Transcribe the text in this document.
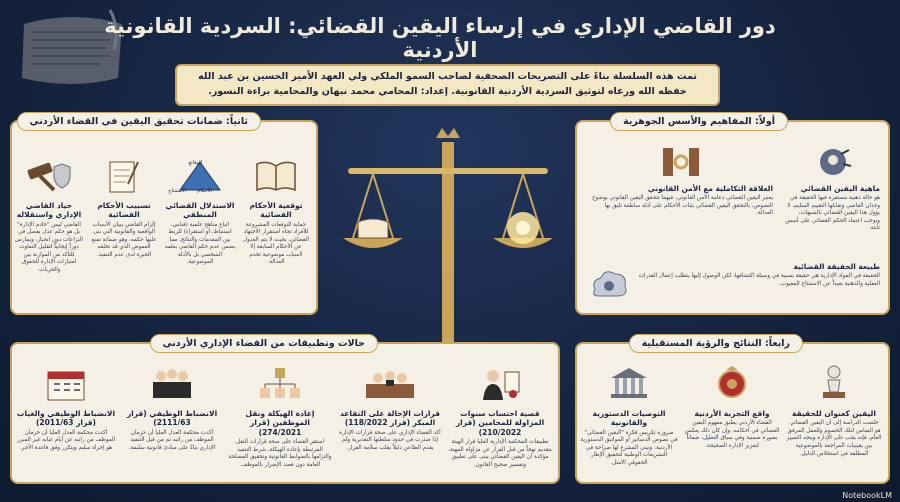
دور القاضي الإداري في إرساء اليقين القضائي: السردية القانونية الأردنية
تمت هذه السلسلة بناءً على التصريحات الصحفية لصاحب السمو الملكي ولي العهد الأمير الحسين بن عبد الله حفظه الله ورعاه لتوثيق السردية الأردنية القانونية. إعداد: المحامي محمد نبهان والمحامية براءة النسور.
أولاً: المفاهيم والأسس الجوهرية
ماهية اليقين القضائي
هو حالة ذهنية مستقرة فيها الحقيقة في وجدان القاضي وتقابلها التقييم السليم، لا يؤول هذا اليقين القضائي بالشبهات، ويوجب اعتماد الحكم القضائي على أسس ثابتة.
العلاقة التكاملية مع الأمن القانوني
يعتبر اليقين القضائي دعامة الأمن القانوني، فيهما تتحقق اليقين القانوني بوضوح النصوص، بالتحقق اليقين القضائي بثبات الأحكام على أدلة ساطعة تليق بها العدالة.
طبيعة الحقيقة القضائية
الحقيقة في المواد الإدارية هي حقيقة نسبية في وسيلة اكتشافها، لكن الوصول إليها يتطلب إعمال القدرات العقلية والذهنية بعيداً عن الاستنتاج المعيوب.
ثانياً: ضمانات تحقيق اليقين في القضاء الأردني
توقعية الأحكام القضائية
حماية التوقعات المشروعة للأفراد تجاه استقرار الاجتهاد القضائي، بحيث لا يتم العدول عن الأحكام السابقة إلا لأسباب موضوعية تخدم العدالة.
الوقائع
الأحكام
الاستنتاج
الاستدلال القضائي المنطقي
اتباع مناهج علمية (قياس، استنباط، أو استقراء) للربط بين المقدمات والنتائج، مما يضمن عدم حكم القاضي بعلمه الشخصي بل بالأدلة الموضوعية.
تسبيب الأحكام القضائية
إلزام القاضي ببيان الأسباب الواقعية والقانونية التي بنى عليها حكمه، وهو ضمانة تمنع الغموض الذي قد تخلقه الحيرة لدى عدم التنفيذ.
حياد القاضي الإداري واستقلاله
القاضي ليس "خادم الإدارة" بل هو حكم عدل يفصل في النزاعات دون انحياز، ويمارس دوراً إيجابياً لتقليل التفاوت للتأكد من الموازنة بين امتيازات الإدارة للحقوق والحريات.
رابعاً: النتائج والرؤية المستقبلية
اليقين كعنوان للحقيقة
خلصت الدراسة إلى أن اليقين القضائي هو الضامن لتلك الخصوم وللعمل المرفق العام، فإنه يجب على الإدارة ويتجه التمييز بين يقينيات المراجعة بالموضوعية المطلقة في استخلاص الدليل.
واقع التجربة الأردنية
القضاء الأردني يطبق مفهوم اليقين القضائي في أحكامه، وإن كان ذلك يعكس بصورة ضمنية وفي سياق التعليل، ضماناً لتعزيز الإدارة الصحيحة.
التوصيات الدستورية والقانونية
ضرورة تكريس فكرة "اليقين القضائي" في نصوص الدساتير أو المواثيق الدستورية الأردنية، وتبني المشرع لها صراحة في التشريعات الوطنية لتحقيق الإطار الحقوقي الأمثل.
حالات وتطبيقات من القضاء الإداري الأردني
قضية احتساب سنوات المزاولة للمحامين (قرار 210/2022)
تطبيقات المحكمة الإدارية العليا قرار الهيئة بتقديم نهجاً من قبل القرار عن مزاولة المهنة، مؤكدة أن اليقين القضائي يبنى على تطبيق وتفسير صحيح القانون.
قرارات الإحالة على التقاعد المبكر (قرار 118/2022)
أكد القضاء الإداري على صحة قرارات الإدارة إذا صدرت في حدود سلطتها التقديرية ولم يقدم الطاعن دليلاً يقلب سلامة القرار.
إعادة الهيكلة ونقل الموظفين (قرار 274/2021)
استقر القضاء على صحة قرارات النقل المرتبطة بإعادة الهيكلة، شرط التنفيذ والتزامها بالضوابط القانونية وتحقيق المصلحة العامة دون قصد الإضرار بالموظف.
الانضباط الوظيفي (قرار 2111/63)
أكدت محكمة العدل العليا أن حرمان الموظف من راتبه تم من قبل التنفيذ الإداري بناءً على مبادئ قانونية سليمة.
الانضباط الوظيفي والغياب (قرار 2011/63)
أكدت محكمة العدل العليا أن حرمان الموظف من راتبه عن أيام غيابه غير المبرر هو إجراء سليم ويتكرر وفق قاعدة الأجر.
NotebookLM
